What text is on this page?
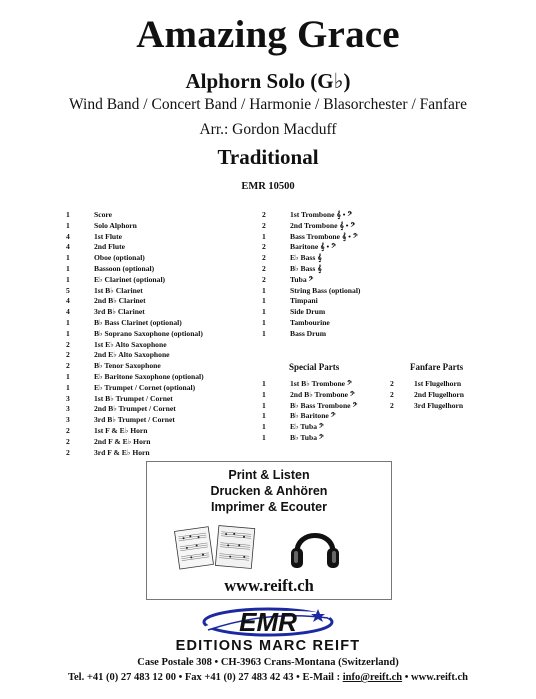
Amazing Grace
Alphorn Solo (G♭)
Wind Band / Concert Band / Harmonie / Blasorchester / Fanfare
Arr.: Gordon Macduff
Traditional
EMR 10500
1	Score
1	Solo Alphorn
4	1st Flute
4	2nd Flute
1	Oboe (optional)
1	Bassoon (optional)
1	E♭ Clarinet (optional)
5	1st B♭ Clarinet
4	2nd B♭ Clarinet
4	3rd B♭ Clarinet
1	B♭ Bass Clarinet (optional)
1	B♭ Soprano Saxophone (optional)
2	1st E♭ Alto Saxophone
2	2nd E♭ Alto Saxophone
2	B♭ Tenor Saxophone
1	E♭ Baritone Saxophone (optional)
1	E♭ Trumpet / Cornet (optional)
3	1st B♭ Trumpet / Cornet
3	2nd B♭ Trumpet / Cornet
3	3rd B♭ Trumpet / Cornet
2	1st F & E♭ Horn
2	2nd F & E♭ Horn
2	3rd F & E♭ Horn
2	1st Trombone 𝄞 • 𝄢
2	2nd Trombone 𝄞 • 𝄢
1	Bass Trombone 𝄞 • 𝄢
2	Baritone 𝄞 • 𝄢
2	E♭ Bass 𝄞
2	B♭ Bass 𝄞
2	Tuba 𝄢
1	String Bass (optional)
1	Timpani
1	Side Drum
1	Tambourine
1	Bass Drum
Special Parts
1	1st B♭ Trombone 𝄢
1	2nd B♭ Trombone 𝄢
1	B♭ Bass Trombone 𝄢
1	B♭ Baritone 𝄢
1	E♭ Tuba 𝄢
1	B♭ Tuba 𝄢
Fanfare Parts
2	1st Flugelhorn
2	2nd Flugelhorn
2	3rd Flugelhorn
Print & Listen
Drucken & Anhören
Imprimer & Ecouter
www.reift.ch
EMR
EDITIONS MARC REIFT
Case Postale 308 • CH-3963 Crans-Montana (Switzerland)
Tel. +41 (0) 27 483 12 00 • Fax +41 (0) 27 483 42 43 • E-Mail : info@reift.ch • www.reift.ch
